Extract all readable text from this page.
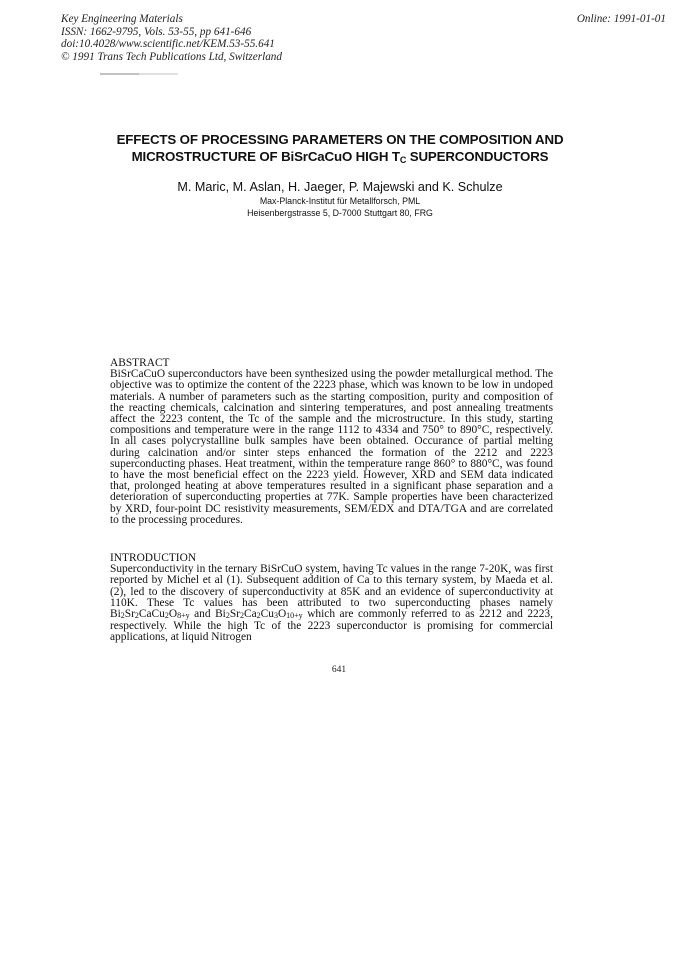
Key Engineering Materials
ISSN: 1662-9795, Vols. 53-55, pp 641-646
doi:10.4028/www.scientific.net/KEM.53-55.641
© 1991 Trans Tech Publications Ltd, Switzerland
Online: 1991-01-01
EFFECTS OF PROCESSING PARAMETERS ON THE COMPOSITION AND
MICROSTRUCTURE OF BiSrCaCuO HIGH $T_C$ SUPERCONDUCTORS
M. Maric, M. Aslan, H. Jaeger, P. Majewski and K. Schulze
Max-Planck-Institut für Metallforsch, PML
Heisenbergstrasse 5, D-7000 Stuttgart 80, FRG
ABSTRACT

BiSrCaCuO superconductors have been synthesized using the powder metallurgical method. The objective was to optimize the content of the 2223 phase, which was known to be low in undoped materials. A number of parameters such as the starting composition, purity and composition of the reacting chemicals, calcination and sintering temperatures, and post annealing treatments affect the 2223 content, the Tc of the sample and the microstructure. In this study, starting compositions and temperature were in the range 1112 to 4334 and 750° to 890°C, respectively. In all cases polycrystalline bulk samples have been obtained. Occurance of partial melting during calcination and/or sinter steps enhanced the formation of the 2212 and 2223 superconducting phases. Heat treatment, within the temperature range 860° to 880°C, was found to have the most beneficial effect on the 2223 yield. However, XRD and SEM data indicated that, prolonged heating at above temperatures resulted in a significant phase separation and a deterioration of superconducting properties at 77K. Sample properties have been characterized by XRD, four-point DC resistivity measurements, SEM/EDX and DTA/TGA and are correlated to the processing procedures.

INTRODUCTION

Superconductivity in the ternary BiSrCuO system, having Tc values in the range 7-20K, was first reported by Michel et al (1). Subsequent addition of Ca to this ternary system, by Maeda et al. (2), led to the discovery of superconductivity at 85K and an evidence of superconductivity at 110K. These Tc values has been attributed to two superconducting phases namely $Bi_2Sr_2CaCu_2O_{8+y}$ and $Bi_2Sr_2Ca_2Cu_3O_{10+y}$ which are commonly referred to as 2212 and 2223, respectively. While the high Tc of the 2223 superconductor is promising for commercial applications, at liquid Nitrogen

641
